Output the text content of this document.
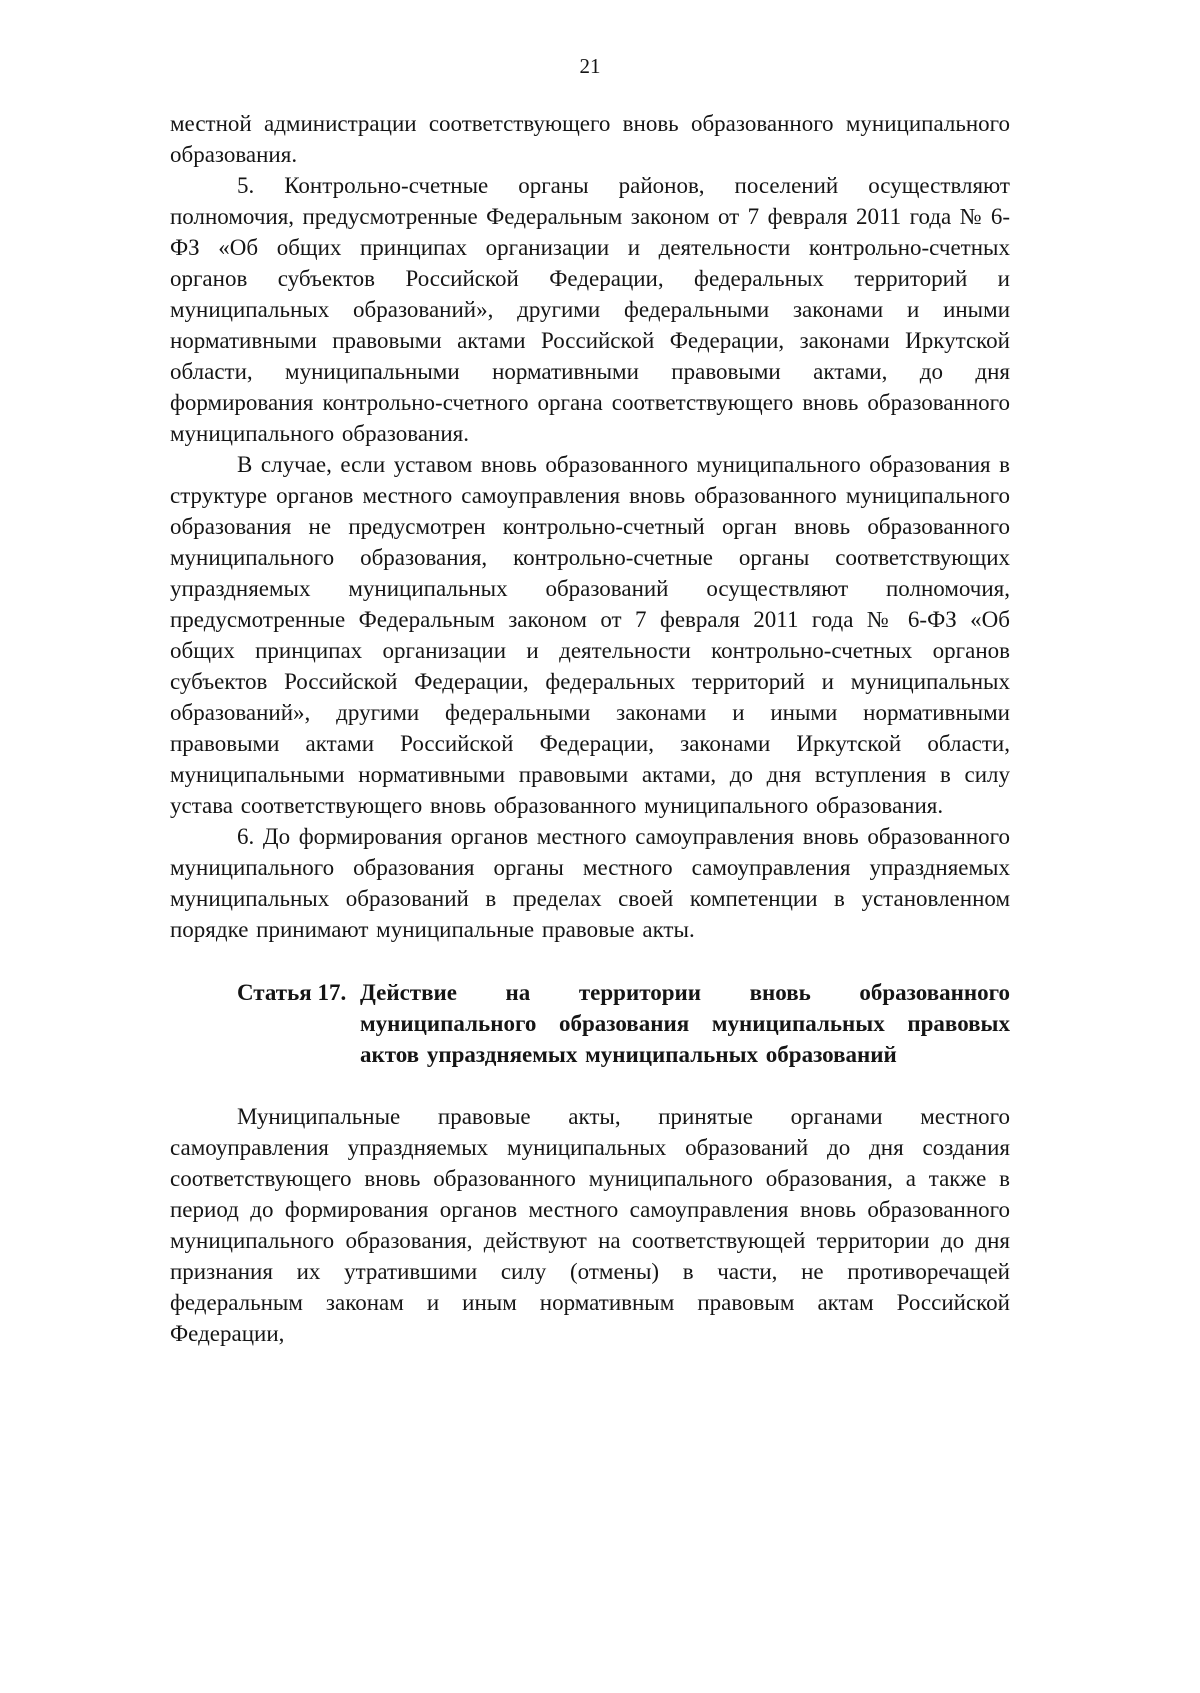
21

местной администрации соответствующего вновь образованного муниципального образования.

5. Контрольно-счетные органы районов, поселений осуществляют полномочия, предусмотренные Федеральным законом от 7 февраля 2011 года № 6-ФЗ «Об общих принципах организации и деятельности контрольно-счетных органов субъектов Российской Федерации, федеральных территорий и муниципальных образований», другими федеральными законами и иными нормативными правовыми актами Российской Федерации, законами Иркутской области, муниципальными нормативными правовыми актами, до дня формирования контрольно-счетного органа соответствующего вновь образованного муниципального образования.

В случае, если уставом вновь образованного муниципального образования в структуре органов местного самоуправления вновь образованного муниципального образования не предусмотрен контрольно-счетный орган вновь образованного муниципального образования, контрольно-счетные органы соответствующих упраздняемых муниципальных образований осуществляют полномочия, предусмотренные Федеральным законом от 7 февраля 2011 года № 6-ФЗ «Об общих принципах организации и деятельности контрольно-счетных органов субъектов Российской Федерации, федеральных территорий и муниципальных образований», другими федеральными законами и иными нормативными правовыми актами Российской Федерации, законами Иркутской области, муниципальными нормативными правовыми актами, до дня вступления в силу устава соответствующего вновь образованного муниципального образования.

6. До формирования органов местного самоуправления вновь образованного муниципального образования органы местного самоуправления упраздняемых муниципальных образований в пределах своей компетенции в установленном порядке принимают муниципальные правовые акты.

Статья 17. Действие на территории вновь образованного муниципального образования муниципальных правовых актов упраздняемых муниципальных образований

Муниципальные правовые акты, принятые органами местного самоуправления упраздняемых муниципальных образований до дня создания соответствующего вновь образованного муниципального образования, а также в период до формирования органов местного самоуправления вновь образованного муниципального образования, действуют на соответствующей территории до дня признания их утратившими силу (отмены) в части, не противоречащей федеральным законам и иным нормативным правовым актам Российской Федерации,
